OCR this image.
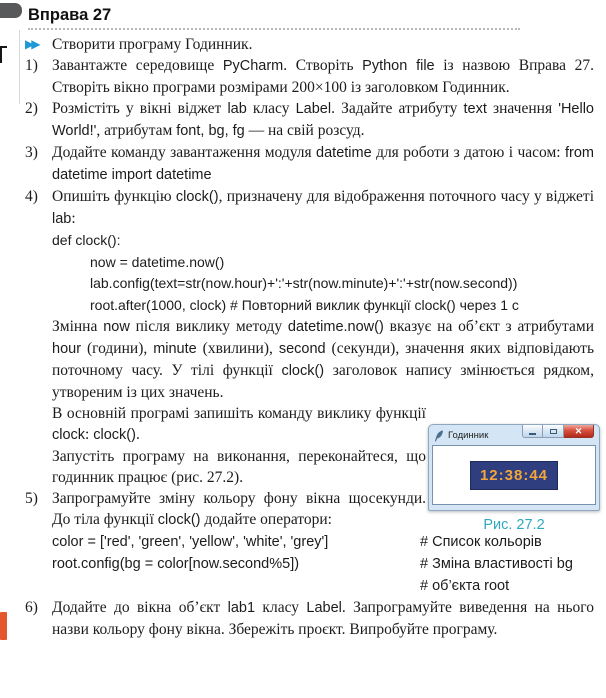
Вправа 27
▶▶ Створити програму Годинник.
1) Завантажте середовище PyCharm. Створіть Python file із назвою Вправа 27. Створіть вікно програми розмірами 200×100 із заголовком Годинник.
2) Розмістіть у вікні віджет lab класу Label. Задайте атрибуту text значення 'Hello World!', атрибутам font, bg, fg — на свій розсуд.
3) Додайте команду завантаження модуля datetime для роботи з датою і часом: from datetime import datetime
4) Опишіть функцію clock(), призначену для відображення поточного часу у віджеті lab:
def clock():
now = datetime.now()
lab.config(text=str(now.hour)+':'+str(now.minute)+':'+str(now.second))
root.after(1000, clock) # Повторний виклик функції clock() через 1 с
Змінна now після виклику методу datetime.now() вказує на об’єкт з атрибутами hour (години), minute (хвилини), second (секунди), значення яких відповідають поточному часу. У тілі функції clock() заголовок напису змінюється рядком, утвореним із цих значень.
В основній програмі запишіть команду виклику функції clock: clock().
Запустіть програму на виконання, переконайтеся, що годинник працює (рис. 27.2).
5) Запрограмуйте зміну кольору фону вікна щосекунди. До тіла функції clock() додайте оператори:
color = ['red', 'green', 'yellow', 'white', 'grey']	# Список кольорів
root.config(bg = color[now.second%5])	# Зміна властивості bg
# об’єкта root
6) Додайте до вікна об’єкт lab1 класу Label. Запрограмуйте виведення на нього назви кольору фону вікна. Збережіть проєкт. Випробуйте програму.
Годинник	✕
12:38:44
Рис. 27.2
